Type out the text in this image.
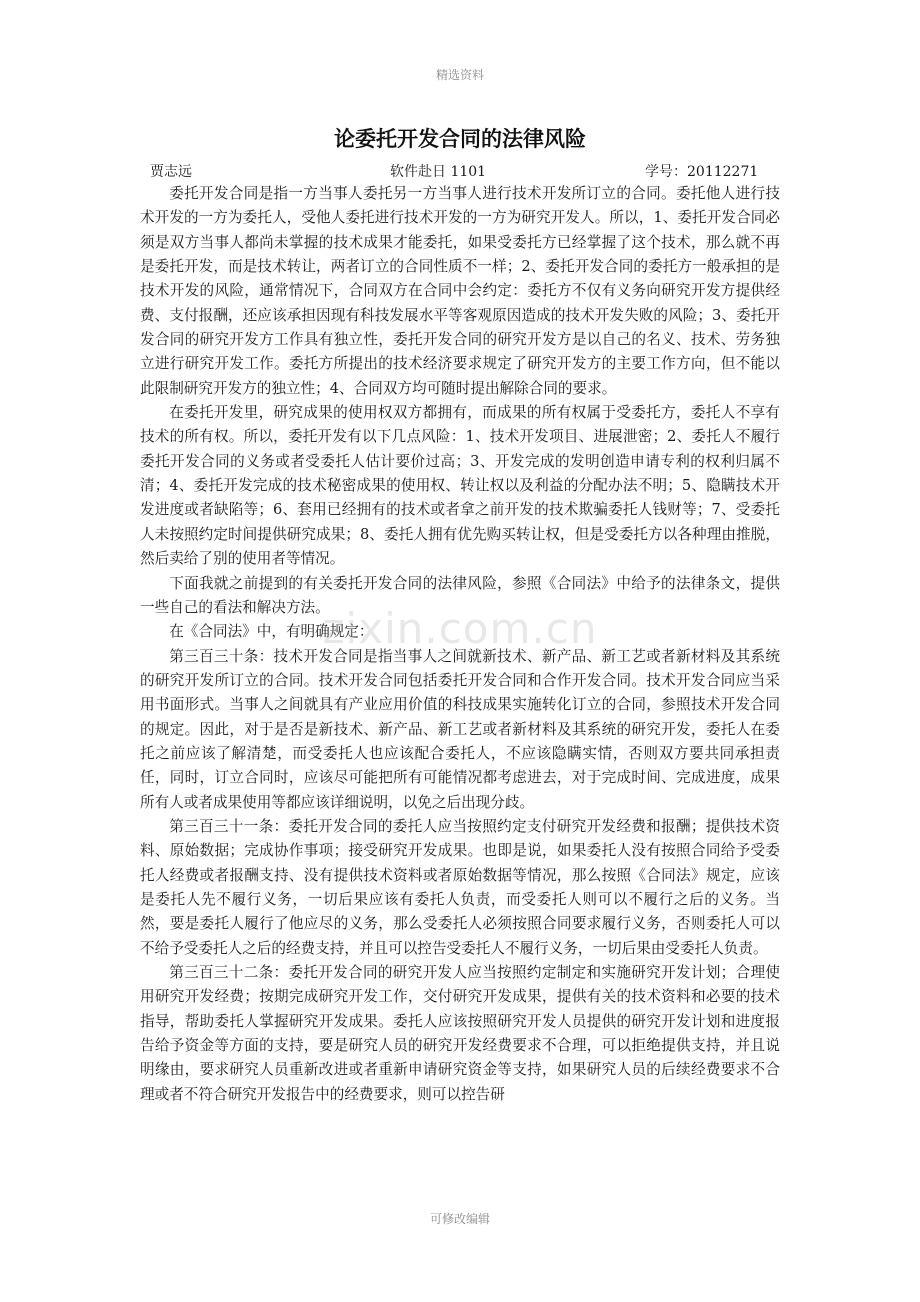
精选资料
论委托开发合同的法律风险
贾志远	软件赴日 1101	学号：20112271

委托开发合同是指一方当事人委托另一方当事人进行技术开发所订立的合同。委托他人进行技术开发的一方为委托人，受他人委托进行技术开发的一方为研究开发人。所以，1、委托开发合同必须是双方当事人都尚未掌握的技术成果才能委托，如果受委托方已经掌握了这个技术，那么就不再是委托开发，而是技术转让，两者订立的合同性质不一样；2、委托开发合同的委托方一般承担的是技术开发的风险，通常情况下，合同双方在合同中会约定：委托方不仅有义务向研究开发方提供经费、支付报酬，还应该承担因现有科技发展水平等客观原因造成的技术开发失败的风险；3、委托开发合同的研究开发方工作具有独立性，委托开发合同的研究开发方是以自己的名义、技术、劳务独立进行研究开发工作。委托方所提出的技术经济要求规定了研究开发方的主要工作方向，但不能以此限制研究开发方的独立性；4、合同双方均可随时提出解除合同的要求。

在委托开发里，研究成果的使用权双方都拥有，而成果的所有权属于受委托方，委托人不享有技术的所有权。所以，委托开发有以下几点风险：1、技术开发项目、进展泄密；2、委托人不履行委托开发合同的义务或者受委托人估计要价过高；3、开发完成的发明创造申请专利的权利归属不清；4、委托开发完成的技术秘密成果的使用权、转让权以及利益的分配办法不明；5、隐瞒技术开发进度或者缺陷等；6、套用已经拥有的技术或者拿之前开发的技术欺骗委托人钱财等；7、受委托人未按照约定时间提供研究成果；8、委托人拥有优先购买转让权，但是受委托方以各种理由推脱，然后卖给了别的使用者等情况。

下面我就之前提到的有关委托开发合同的法律风险，参照《合同法》中给予的法律条文，提供一些自己的看法和解决方法。

在《合同法》中，有明确规定：

第三百三十条：技术开发合同是指当事人之间就新技术、新产品、新工艺或者新材料及其系统的研究开发所订立的合同。技术开发合同包括委托开发合同和合作开发合同。技术开发合同应当采用书面形式。当事人之间就具有产业应用价值的科技成果实施转化订立的合同，参照技术开发合同的规定。因此，对于是否是新技术、新产品、新工艺或者新材料及其系统的研究开发，委托人在委托之前应该了解清楚，而受委托人也应该配合委托人，不应该隐瞒实情，否则双方要共同承担责任，同时，订立合同时，应该尽可能把所有可能情况都考虑进去，对于完成时间、完成进度，成果所有人或者成果使用等都应该详细说明，以免之后出现分歧。

第三百三十一条：委托开发合同的委托人应当按照约定支付研究开发经费和报酬；提供技术资料、原始数据；完成协作事项；接受研究开发成果。也即是说，如果委托人没有按照合同给予受委托人经费或者报酬支持、没有提供技术资料或者原始数据等情况，那么按照《合同法》规定，应该是委托人先不履行义务，一切后果应该有委托人负责，而受委托人则可以不履行之后的义务。当然，要是委托人履行了他应尽的义务，那么受委托人必须按照合同要求履行义务，否则委托人可以不给予受委托人之后的经费支持，并且可以控告受委托人不履行义务，一切后果由受委托人负责。

第三百三十二条：委托开发合同的研究开发人应当按照约定制定和实施研究开发计划；合理使用研究开发经费；按期完成研究开发工作，交付研究开发成果，提供有关的技术资料和必要的技术指导，帮助委托人掌握研究开发成果。委托人应该按照研究开发人员提供的研究开发计划和进度报告给予资金等方面的支持，要是研究人员的研究开发经费要求不合理，可以拒绝提供支持，并且说明缘由，要求研究人员重新改进或者重新申请研究资金等支持，如果研究人员的后续经费要求不合理或者不符合研究开发报告中的经费要求，则可以控告研

zixin.com.cn
可修改编辑
